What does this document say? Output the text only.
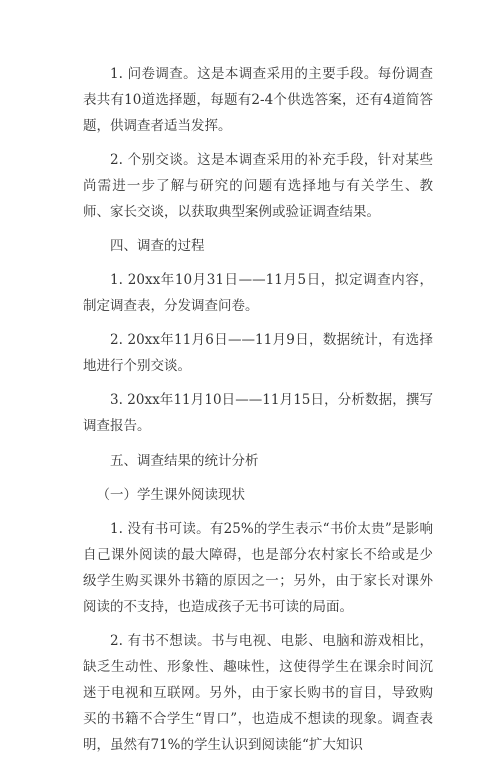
1. 问卷调查。这是本调查采用的主要手段。每份调查表共有10道选择题，每题有2-4个供选答案，还有4道简答题，供调查者适当发挥。

2. 个别交谈。这是本调查采用的补充手段，针对某些尚需进一步了解与研究的问题有选择地与有关学生、教师、家长交谈，以获取典型案例或验证调查结果。

四、调查的过程

1. 20xx年10月31日——11月5日，拟定调查内容，制定调查表，分发调查问卷。

2. 20xx年11月6日——11月9日，数据统计，有选择地进行个别交谈。

3. 20xx年11月10日——11月15日，分析数据，撰写调查报告。

五、调查结果的统计分析

（一）学生课外阅读现状

1. 没有书可读。有25%的学生表示“书价太贵”是影响自己课外阅读的最大障碍，也是部分农村家长不给或是少级学生购买课外书籍的原因之一；另外，由于家长对课外阅读的不支持，也造成孩子无书可读的局面。

2. 有书不想读。书与电视、电影、电脑和游戏相比，缺乏生动性、形象性、趣味性，这使得学生在课余时间沉迷于电视和互联网。另外，由于家长购书的盲目，导致购买的书籍不合学生“胃口”，也造成不想读的现象。调查表明，虽然有71%的学生认识到阅读能“扩大知识
